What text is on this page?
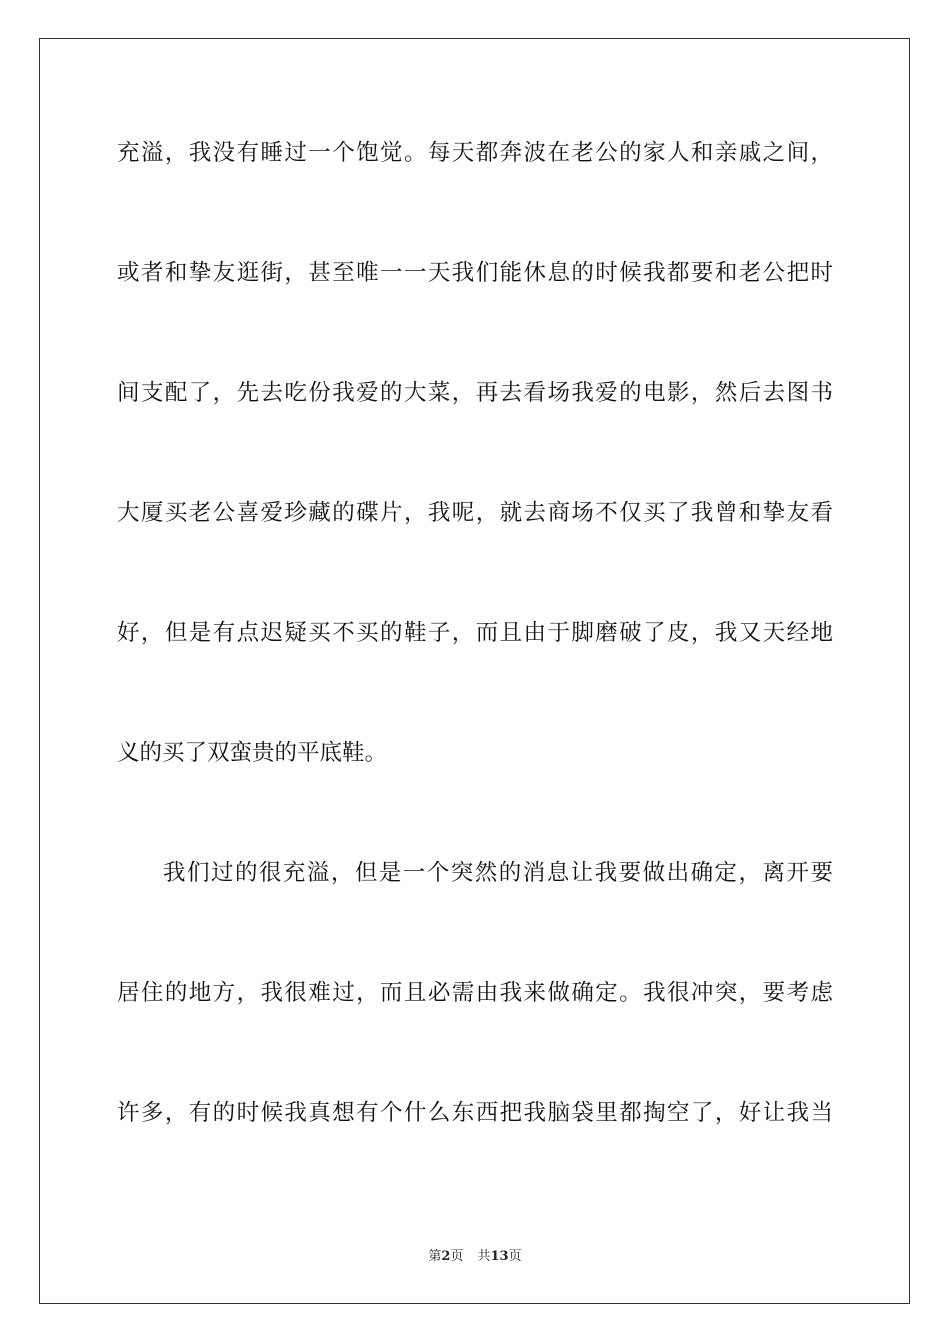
充溢，我没有睡过一个饱觉。每天都奔波在老公的家人和亲戚之间，
或者和挚友逛街，甚至唯一一天我们能休息的时候我都要和老公把时
间支配了，先去吃份我爱的大菜，再去看场我爱的电影，然后去图书
大厦买老公喜爱珍藏的碟片，我呢，就去商场不仅买了我曾和挚友看
好，但是有点迟疑买不买的鞋子，而且由于脚磨破了皮，我又天经地
义的买了双蛮贵的平底鞋。
我们过的很充溢，但是一个突然的消息让我要做出确定，离开要
居住的地方，我很难过，而且必需由我来做确定。我很冲突，要考虑
许多，有的时候我真想有个什么东西把我脑袋里都掏空了，好让我当
第2页 共13页
